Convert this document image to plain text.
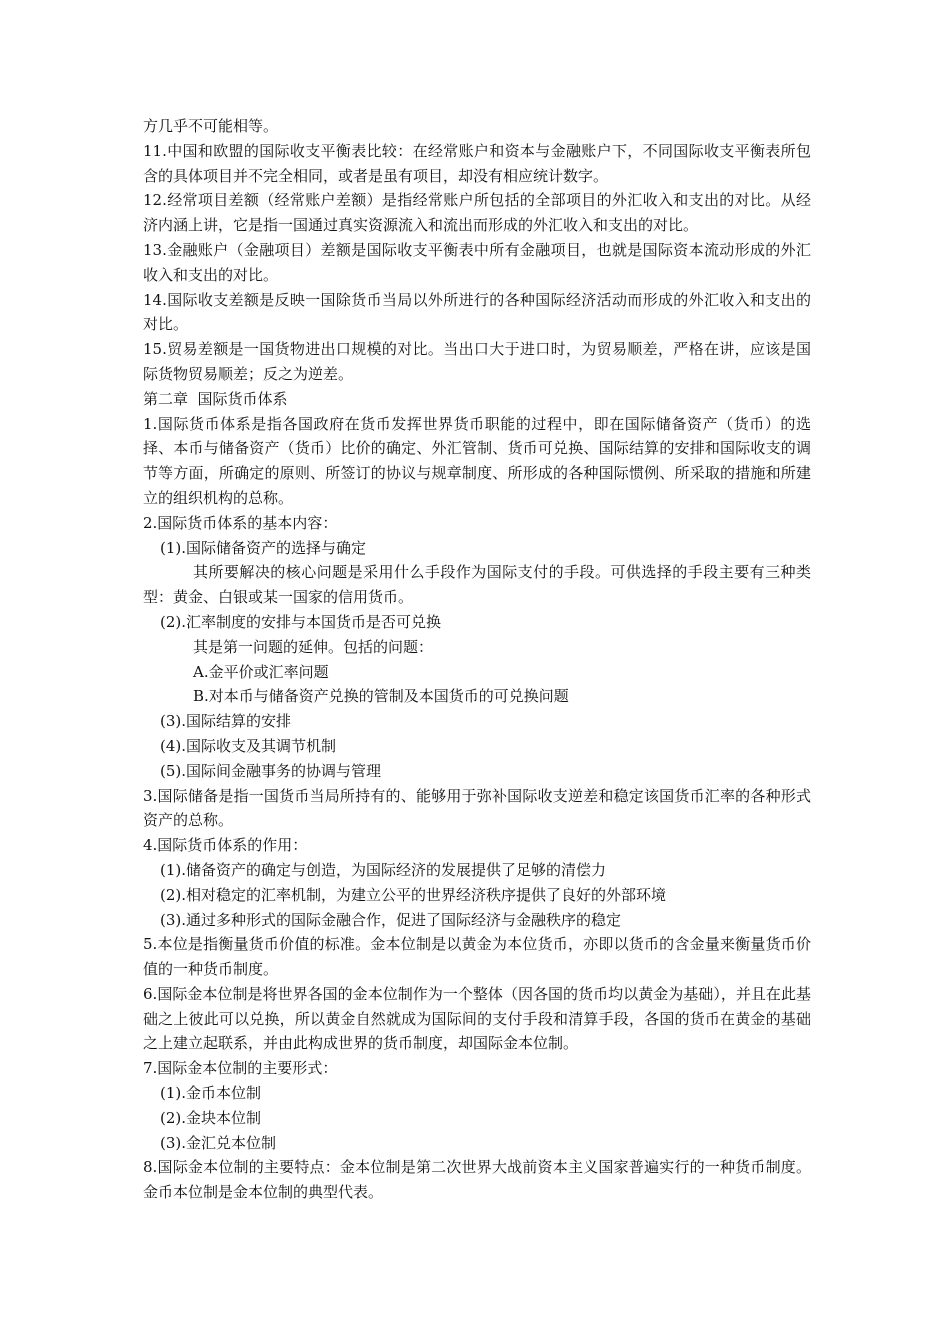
方几乎不可能相等。

11.中国和欧盟的国际收支平衡表比较：在经常账户和资本与金融账户下，不同国际收支平衡表所包含的具体项目并不完全相同，或者是虽有项目，却没有相应统计数字。

12.经常项目差额（经常账户差额）是指经常账户所包括的全部项目的外汇收入和支出的对比。从经济内涵上讲，它是指一国通过真实资源流入和流出而形成的外汇收入和支出的对比。

13.金融账户（金融项目）差额是国际收支平衡表中所有金融项目，也就是国际资本流动形成的外汇收入和支出的对比。

14.国际收支差额是反映一国除货币当局以外所进行的各种国际经济活动而形成的外汇收入和支出的对比。

15.贸易差额是一国货物进出口规模的对比。当出口大于进口时，为贸易顺差，严格在讲，应该是国际货物贸易顺差；反之为逆差。

第二章  国际货币体系

1.国际货币体系是指各国政府在货币发挥世界货币职能的过程中，即在国际储备资产（货币）的选择、本币与储备资产（货币）比价的确定、外汇管制、货币可兑换、国际结算的安排和国际收支的调节等方面，所确定的原则、所签订的协议与规章制度、所形成的各种国际惯例、所采取的措施和所建立的组织机构的总称。

2.国际货币体系的基本内容：

(1).国际储备资产的选择与确定

其所要解决的核心问题是采用什么手段作为国际支付的手段。可供选择的手段主要有三种类型：黄金、白银或某一国家的信用货币。

(2).汇率制度的安排与本国货币是否可兑换

其是第一问题的延伸。包括的问题：

A.金平价或汇率问题

B.对本币与储备资产兑换的管制及本国货币的可兑换问题

(3).国际结算的安排

(4).国际收支及其调节机制

(5).国际间金融事务的协调与管理

3.国际储备是指一国货币当局所持有的、能够用于弥补国际收支逆差和稳定该国货币汇率的各种形式资产的总称。

4.国际货币体系的作用：

(1).储备资产的确定与创造，为国际经济的发展提供了足够的清偿力

(2).相对稳定的汇率机制，为建立公平的世界经济秩序提供了良好的外部环境

(3).通过多种形式的国际金融合作，促进了国际经济与金融秩序的稳定

5.本位是指衡量货币价值的标准。金本位制是以黄金为本位货币，亦即以货币的含金量来衡量货币价值的一种货币制度。

6.国际金本位制是将世界各国的金本位制作为一个整体（因各国的货币均以黄金为基础），并且在此基础之上彼此可以兑换，所以黄金自然就成为国际间的支付手段和清算手段，各国的货币在黄金的基础之上建立起联系，并由此构成世界的货币制度，却国际金本位制。

7.国际金本位制的主要形式：

(1).金币本位制

(2).金块本位制

(3).金汇兑本位制

8.国际金本位制的主要特点：金本位制是第二次世界大战前资本主义国家普遍实行的一种货币制度。金币本位制是金本位制的典型代表。
